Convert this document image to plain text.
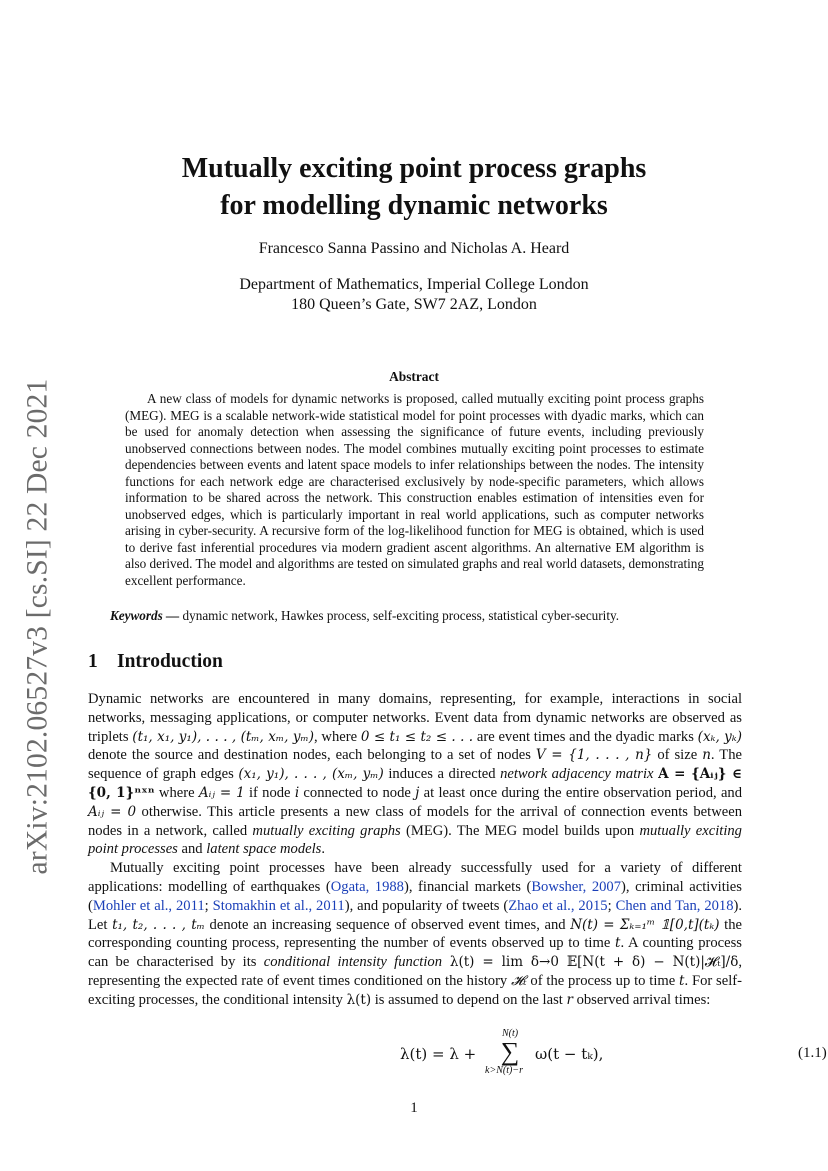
arXiv:2102.06527v3 [cs.SI] 22 Dec 2021
Mutually exciting point process graphs
for modelling dynamic networks
Francesco Sanna Passino and Nicholas A. Heard
Department of Mathematics, Imperial College London
180 Queen’s Gate, SW7 2AZ, London
Abstract
A new class of models for dynamic networks is proposed, called mutually exciting point process graphs (MEG). MEG is a scalable network-wide statistical model for point processes with dyadic marks, which can be used for anomaly detection when assessing the significance of future events, including previously unobserved connections between nodes. The model combines mutually exciting point processes to estimate dependencies between events and latent space models to infer relationships between the nodes. The intensity functions for each network edge are characterised exclusively by node-specific parameters, which allows information to be shared across the network. This construction enables estimation of intensities even for unobserved edges, which is particularly important in real world applications, such as computer networks arising in cyber-security. A recursive form of the log-likelihood function for MEG is obtained, which is used to derive fast inferential procedures via modern gradient ascent algorithms. An alternative EM algorithm is also derived. The model and algorithms are tested on simulated graphs and real world datasets, demonstrating excellent performance.
Keywords — dynamic network, Hawkes process, self-exciting process, statistical cyber-security.
1 Introduction

Dynamic networks are encountered in many domains, representing, for example, interactions in social networks, messaging applications, or computer networks. Event data from dynamic networks are observed as triplets (t₁, x₁, y₁), . . . , (tₘ, xₘ, yₘ), where 0 ≤ t₁ ≤ t₂ ≤ . . . are event times and the dyadic marks (xₖ, yₖ) denote the source and destination nodes, each belonging to a set of nodes V = {1, . . . , n} of size n. The sequence of graph edges (x₁, y₁), . . . , (xₘ, yₘ) induces a directed network adjacency matrix A = {Aᵢⱼ} ∈ {0, 1}ⁿˣⁿ where Aᵢⱼ = 1 if node i connected to node j at least once during the entire observation period, and Aᵢⱼ = 0 otherwise. This article presents a new class of models for the arrival of connection events between nodes in a network, called mutually exciting graphs (MEG). The MEG model builds upon mutually exciting point processes and latent space models.

Mutually exciting point processes have been already successfully used for a variety of different applications: modelling of earthquakes (Ogata, 1988), financial markets (Bowsher, 2007), criminal activities (Mohler et al., 2011; Stomakhin et al., 2011), and popularity of tweets (Zhao et al., 2015; Chen and Tan, 2018). Let t₁, t₂, . . . , tₘ denote an increasing sequence of observed event times, and N(t) = Σₖ₌₁ᵐ 𝟙[0,t](tₖ) the corresponding counting process, representing the number of events observed up to time t. A counting process can be characterised by its conditional intensity function λ(t) = lim δ→0 𝔼[N(t + δ) − N(t)|𝓗ₜ]/δ, representing the expected rate of event times conditioned on the history 𝓗ₜ of the process up to time t. For self-exciting processes, the conditional intensity λ(t) is assumed to depend on the last r observed arrival times:

λ(t) = λ +
N(t)
∑
k>N(t)−r
ω(t − tₖ),	(1.1)
1
